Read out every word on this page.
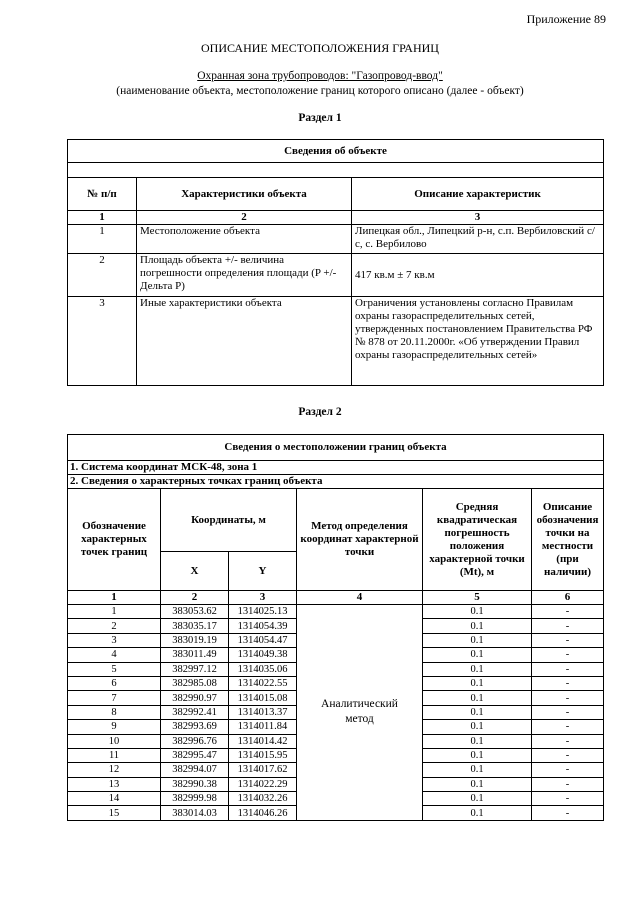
Приложение 89
ОПИСАНИЕ МЕСТОПОЛОЖЕНИЯ ГРАНИЦ
Охранная зона трубопроводов: "Газопровод-ввод"
(наименование объекта, местоположение границ которого описано (далее - объект)
Раздел 1
Сведения об объекте		

№ п/п	Характеристики объекта	Описание характеристик
1	2	3
1	Местоположение объекта	Липецкая обл., Липецкий р-н, с.п. Вербиловский с/с, с. Вербилово
2	Площадь объекта +/- величина погрешности определения площади (P +/- Дельта P)	417 кв.м ± 7 кв.м
3	Иные характеристики объекта	Ограничения установлены согласно Правилам охраны газораспределительных сетей, утвержденных постановлением Правительства РФ № 878 от 20.11.2000г. «Об утверждении Правил охраны газораспределительных сетей»
Раздел 2
Сведения о местоположении границ объекта					
1. Система координат МСК-48, зона 1					
2. Сведения о характерных точках границ объекта					
Обозначение характерных точек границ	Координаты, м		Метод определения координат характерной точки	Средняя квадратическая погрешность положения характерной точки (Mt), м	Описание обозначения точки на местности (при наличии)
	X	Y			
1	2	3	4	5	6
1	383053.62	1314025.13	Аналитический метод	0.1	-
2	383035.17	1314054.39		0.1	-
3	383019.19	1314054.47		0.1	-
4	383011.49	1314049.38		0.1	-
5	382997.12	1314035.06		0.1	-
6	382985.08	1314022.55		0.1	-
7	382990.97	1314015.08		0.1	-
8	382992.41	1314013.37		0.1	-
9	382993.69	1314011.84		0.1	-
10	382996.76	1314014.42		0.1	-
11	382995.47	1314015.95		0.1	-
12	382994.07	1314017.62		0.1	-
13	382990.38	1314022.29		0.1	-
14	382999.98	1314032.26		0.1	-
15	383014.03	1314046.26		0.1	-
